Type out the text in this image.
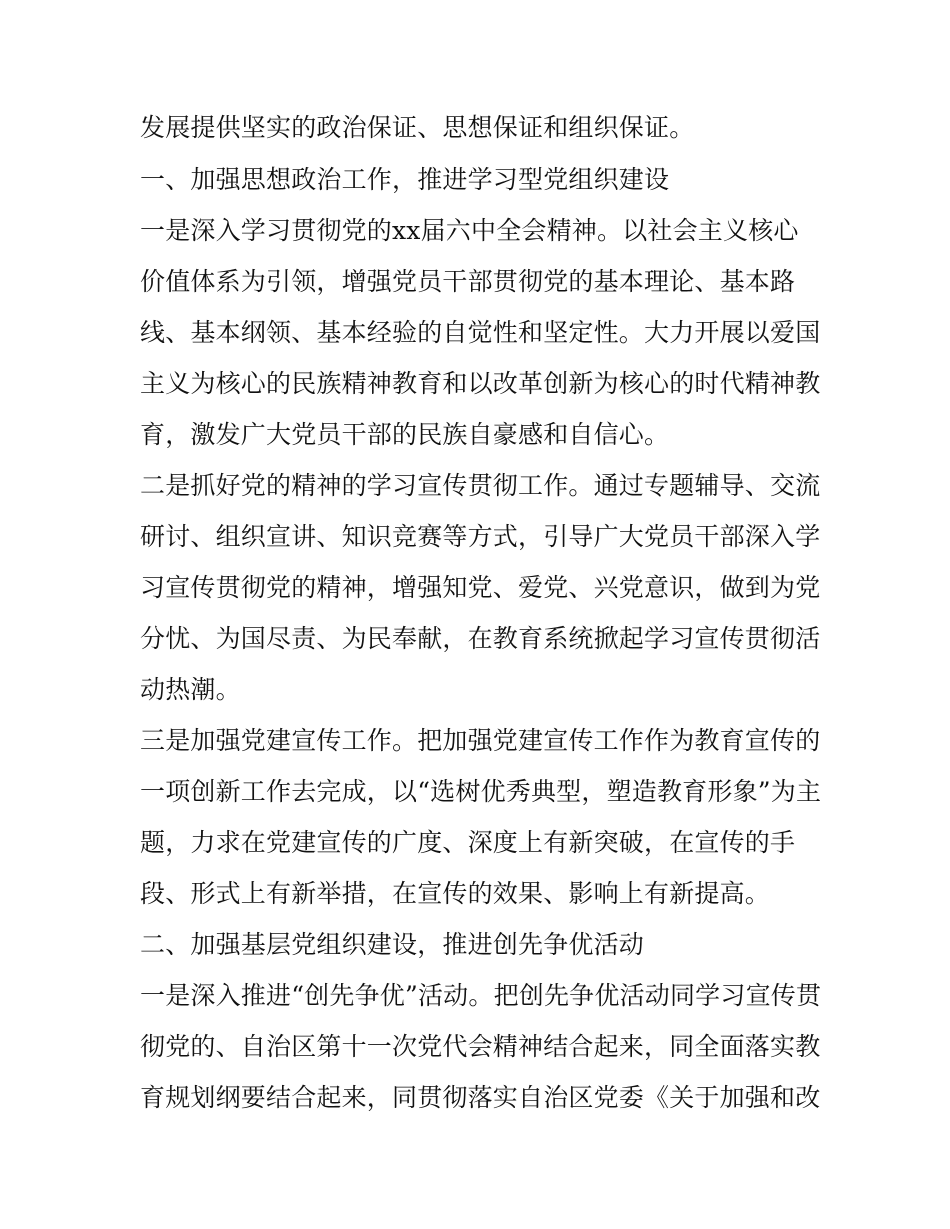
发展提供坚实的政治保证、思想保证和组织保证。
一、加强思想政治工作，推进学习型党组织建设
一是深入学习贯彻党的xx届六中全会精神。以社会主义核心
价值体系为引领，增强党员干部贯彻党的基本理论、基本路
线、基本纲领、基本经验的自觉性和坚定性。大力开展以爱国
主义为核心的民族精神教育和以改革创新为核心的时代精神教
育，激发广大党员干部的民族自豪感和自信心。
二是抓好党的精神的学习宣传贯彻工作。通过专题辅导、交流
研讨、组织宣讲、知识竞赛等方式，引导广大党员干部深入学
习宣传贯彻党的精神，增强知党、爱党、兴党意识，做到为党
分忧、为国尽责、为民奉献，在教育系统掀起学习宣传贯彻活
动热潮。
三是加强党建宣传工作。把加强党建宣传工作作为教育宣传的
一项创新工作去完成，以“选树优秀典型，塑造教育形象”为主
题，力求在党建宣传的广度、深度上有新突破，在宣传的手
段、形式上有新举措，在宣传的效果、影响上有新提高。
二、加强基层党组织建设，推进创先争优活动
一是深入推进“创先争优”活动。把创先争优活动同学习宣传贯
彻党的、自治区第十一次党代会精神结合起来，同全面落实教
育规划纲要结合起来，同贯彻落实自治区党委《关于加强和改
